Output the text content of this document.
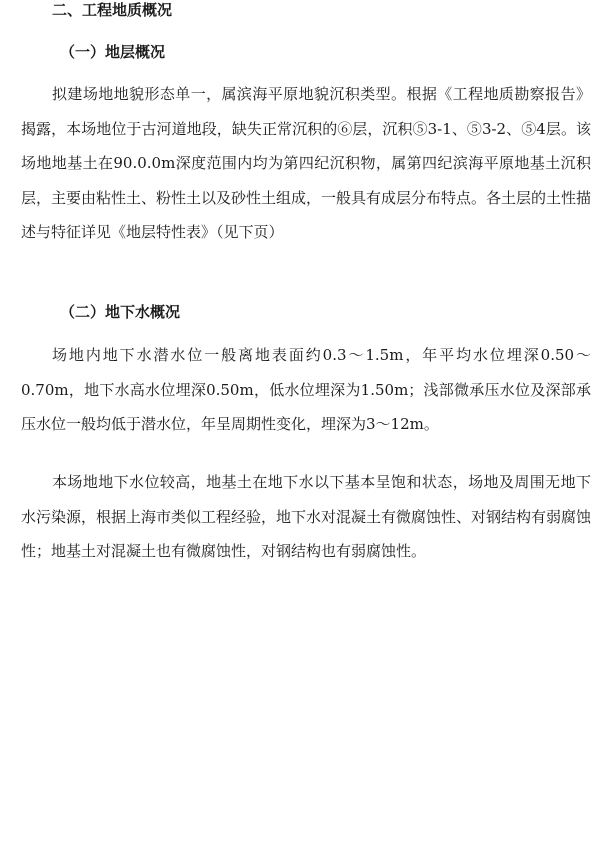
二、工程地质概况
（一）地层概况

拟建场地地貌形态单一，属滨海平原地貌沉积类型。根据《工程地质勘察报告》揭露，本场地位于古河道地段，缺失正常沉积的⑥层，沉积⑤3-1、⑤3-2、⑤4层。该场地地基土在90.0.0m深度范围内均为第四纪沉积物，属第四纪滨海平原地基土沉积层，主要由粘性土、粉性土以及砂性土组成，一般具有成层分布特点。各土层的土性描述与特征详见《地层特性表》（见下页）

（二）地下水概况

场地内地下水潜水位一般离地表面约0.3～1.5m，年平均水位埋深0.50～0.70m，地下水高水位埋深0.50m，低水位埋深为1.50m；浅部微承压水位及深部承压水位一般均低于潜水位，年呈周期性变化，埋深为3～12m。

本场地地下水位较高，地基土在地下水以下基本呈饱和状态，场地及周围无地下水污染源，根据上海市类似工程经验，地下水对混凝土有微腐蚀性、对钢结构有弱腐蚀性；地基土对混凝土也有微腐蚀性，对钢结构也有弱腐蚀性。
